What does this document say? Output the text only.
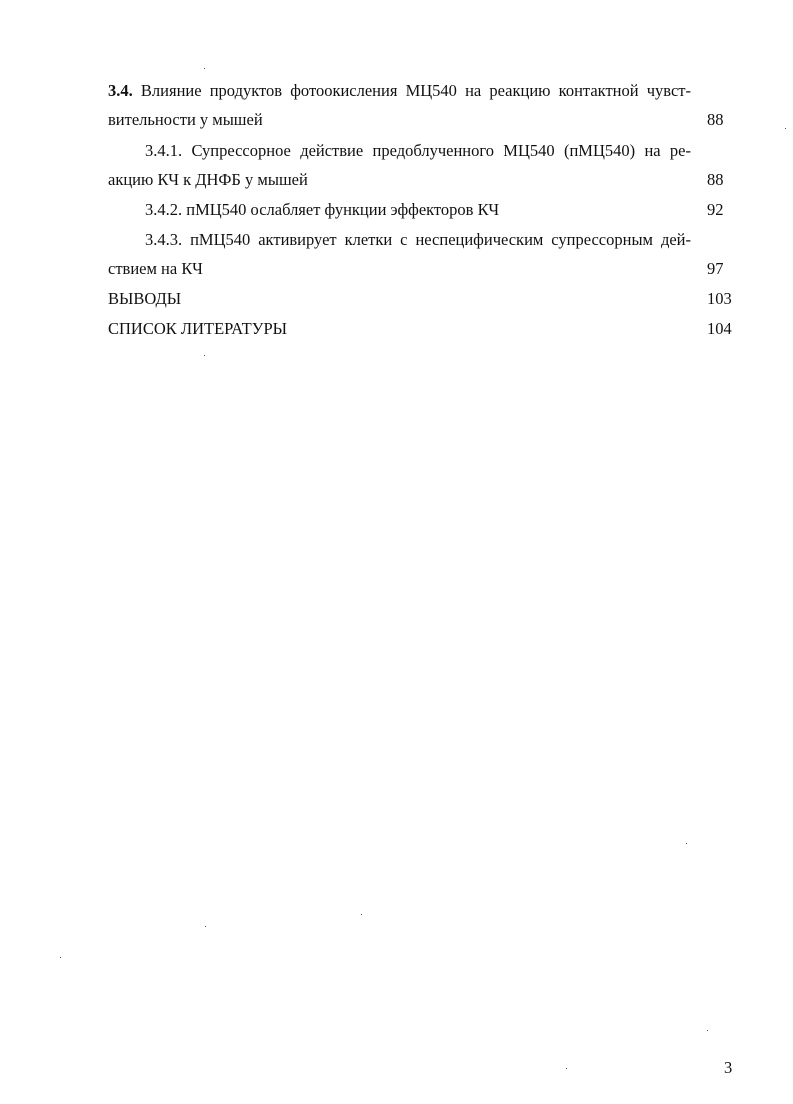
3.4. Влияние продуктов фотоокисления МЦ540 на реакцию контактной чувст-
вительности у мышей	88
3.4.1. Супрессорное действие предоблученного МЦ540 (пМЦ540) на ре-
акцию КЧ к ДНФБ у мышей	88
3.4.2. пМЦ540 ослабляет функции эффекторов КЧ	92
3.4.3. пМЦ540 активирует клетки с неспецифическим супрессорным дей-
ствием на КЧ	97
ВЫВОДЫ	103
СПИСОК ЛИТЕРАТУРЫ	104
3
